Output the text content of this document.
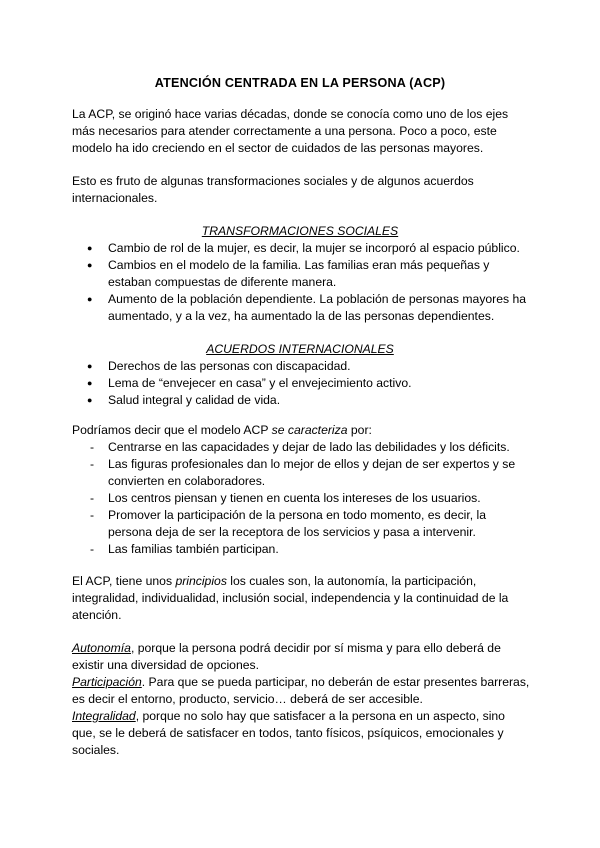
ATENCIÓN CENTRADA EN LA PERSONA (ACP)

La ACP, se originó hace varias décadas, donde se conocía como uno de los ejes más necesarios para atender correctamente a una persona. Poco a poco, este modelo ha ido creciendo en el sector de cuidados de las personas mayores.

Esto es fruto de algunas transformaciones sociales y de algunos acuerdos internacionales.

TRANSFORMACIONES SOCIALES
● Cambio de rol de la mujer, es decir, la mujer se incorporó al espacio público.
● Cambios en el modelo de la familia. Las familias eran más pequeñas y estaban compuestas de diferente manera.
● Aumento de la población dependiente. La población de personas mayores ha aumentado, y a la vez, ha aumentado la de las personas dependientes.
ACUERDOS INTERNACIONALES
● Derechos de las personas con discapacidad.
● Lema de “envejecer en casa” y el envejecimiento activo.
● Salud integral y calidad de vida.

Podríamos decir que el modelo ACP se caracteriza por:

- Centrarse en las capacidades y dejar de lado las debilidades y los déficits.
- Las figuras profesionales dan lo mejor de ellos y dejan de ser expertos y se convierten en colaboradores.
- Los centros piensan y tienen en cuenta los intereses de los usuarios.
- Promover la participación de la persona en todo momento, es decir, la persona deja de ser la receptora de los servicios y pasa a intervenir.
- Las familias también participan.

El ACP, tiene unos principios los cuales son, la autonomía, la participación, integralidad, individualidad, inclusión social, independencia y la continuidad de la atención.

Autonomía, porque la persona podrá decidir por sí misma y para ello deberá de existir una diversidad de opciones.

Participación. Para que se pueda participar, no deberán de estar presentes barreras, es decir el entorno, producto, servicio… deberá de ser accesible.

Integralidad, porque no solo hay que satisfacer a la persona en un aspecto, sino que, se le deberá de satisfacer en todos, tanto físicos, psíquicos, emocionales y sociales.
